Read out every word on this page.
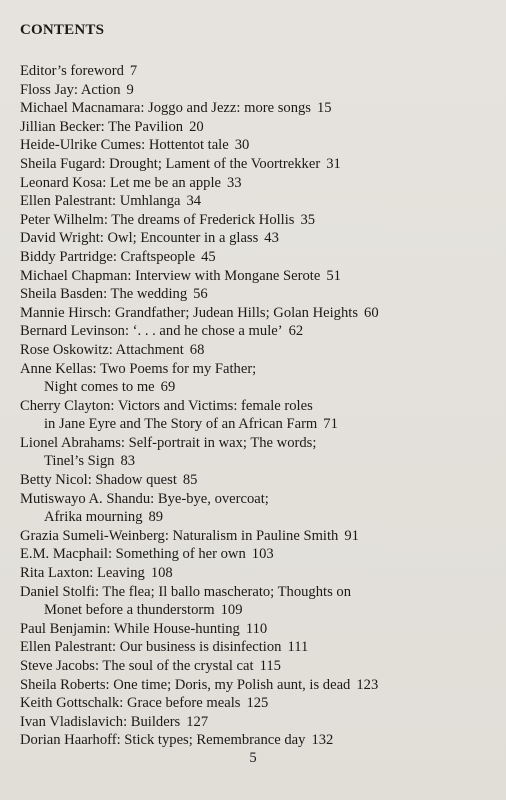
CONTENTS
Editor’s foreword 7
Floss Jay: Action 9
Michael Macnamara: Joggo and Jezz: more songs 15
Jillian Becker: The Pavilion 20
Heide-Ulrike Cumes: Hottentot tale 30
Sheila Fugard: Drought; Lament of the Voortrekker 31
Leonard Kosa: Let me be an apple 33
Ellen Palestrant: Umhlanga 34
Peter Wilhelm: The dreams of Frederick Hollis 35
David Wright: Owl; Encounter in a glass 43
Biddy Partridge: Craftspeople 45
Michael Chapman: Interview with Mongane Serote 51
Sheila Basden: The wedding 56
Mannie Hirsch: Grandfather; Judean Hills; Golan Heights 60
Bernard Levinson: ‘. . . and he chose a mule’ 62
Rose Oskowitz: Attachment 68
Anne Kellas: Two Poems for my Father;
Night comes to me 69
Cherry Clayton: Victors and Victims: female roles
in Jane Eyre and The Story of an African Farm 71
Lionel Abrahams: Self-portrait in wax; The words;
Tinel’s Sign 83
Betty Nicol: Shadow quest 85
Mutiswayo A. Shandu: Bye-bye, overcoat;
Afrika mourning 89
Grazia Sumeli-Weinberg: Naturalism in Pauline Smith 91
E.M. Macphail: Something of her own 103
Rita Laxton: Leaving 108
Daniel Stolfi: The flea; Il ballo mascherato; Thoughts on
Monet before a thunderstorm 109
Paul Benjamin: While House-hunting 110
Ellen Palestrant: Our business is disinfection 111
Steve Jacobs: The soul of the crystal cat 115
Sheila Roberts: One time; Doris, my Polish aunt, is dead 123
Keith Gottschalk: Grace before meals 125
Ivan Vladislavich: Builders 127
Dorian Haarhoff: Stick types; Remembrance day 132
5
